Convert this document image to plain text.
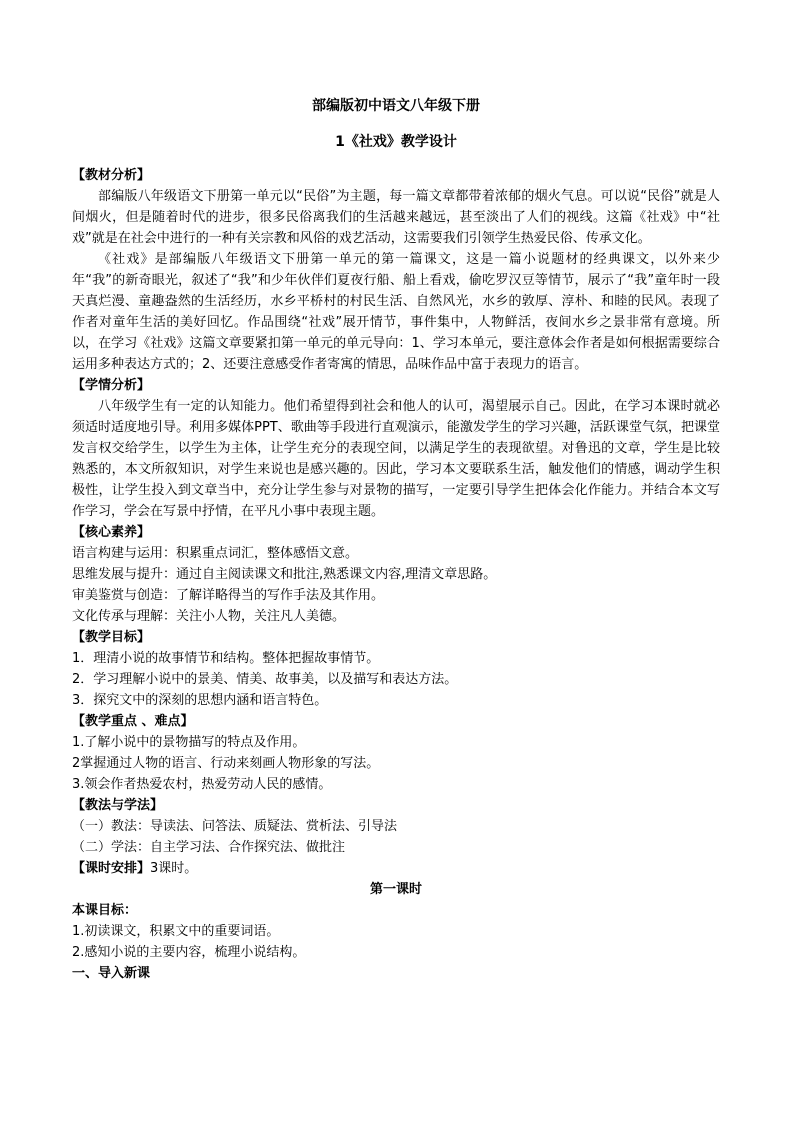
部编版初中语文八年级下册
1《社戏》教学设计

【教材分析】

部编版八年级语文下册第一单元以“民俗”为主题，每一篇文章都带着浓郁的烟火气息。可以说“民俗”就是人间烟火，但是随着时代的进步，很多民俗离我们的生活越来越远，甚至淡出了人们的视线。这篇《社戏》中“社戏”就是在社会中进行的一种有关宗教和风俗的戏艺活动，这需要我们引领学生热爱民俗、传承文化。

《社戏》是部编版八年级语文下册第一单元的第一篇课文，这是一篇小说题材的经典课文，以外来少年“我”的新奇眼光，叙述了“我”和少年伙伴们夏夜行船、船上看戏，偷吃罗汉豆等情节，展示了“我”童年时一段天真烂漫、童趣盎然的生活经历，水乡平桥村的村民生活、自然风光，水乡的敦厚、淳朴、和睦的民风。表现了作者对童年生活的美好回忆。作品围绕“社戏”展开情节，事件集中，人物鲜活，夜间水乡之景非常有意境。所以，在学习《社戏》这篇文章要紧扣第一单元的单元导向：1、学习本单元，要注意体会作者是如何根据需要综合运用多种表达方式的；2、还要注意感受作者寄寓的情思，品味作品中富于表现力的语言。

【学情分析】

八年级学生有一定的认知能力。他们希望得到社会和他人的认可，渴望展示自己。因此，在学习本课时就必须适时适度地引导。利用多媒体PPT、歌曲等手段进行直观演示，能激发学生的学习兴趣，活跃课堂气氛，把课堂发言权交给学生，以学生为主体，让学生充分的表现空间，以满足学生的表现欲望。对鲁迅的文章，学生是比较熟悉的，本文所叙知识，对学生来说也是感兴趣的。因此，学习本文要联系生活，触发他们的情感，调动学生积极性，让学生投入到文章当中，充分让学生参与对景物的描写，一定要引导学生把体会化作能力。并结合本文写作学习，学会在写景中抒情，在平凡小事中表现主题。

【核心素养】

语言构建与运用：积累重点词汇，整体感悟文意。

思维发展与提升：通过自主阅读课文和批注,熟悉课文内容,理清文章思路。

审美鉴赏与创造：了解详略得当的写作手法及其作用。

文化传承与理解：关注小人物，关注凡人美德。

【教学目标】

1．理清小说的故事情节和结构。整体把握故事情节。

2．学习理解小说中的景美、情美、故事美，以及描写和表达方法。

3．探究文中的深刻的思想内涵和语言特色。

【教学重点 、难点】

1.了解小说中的景物描写的特点及作用。

2掌握通过人物的语言、行动来刻画人物形象的写法。

3.领会作者热爱农村，热爱劳动人民的感情。

【教法与学法】

（一）教法：导读法、问答法、质疑法、赏析法、引导法

（二）学法：自主学习法、合作探究法、做批注

【课时安排】3课时。

第一课时

本课目标：

1.初读课文，积累文中的重要词语。

2.感知小说的主要内容，梳理小说结构。

一、导入新课
